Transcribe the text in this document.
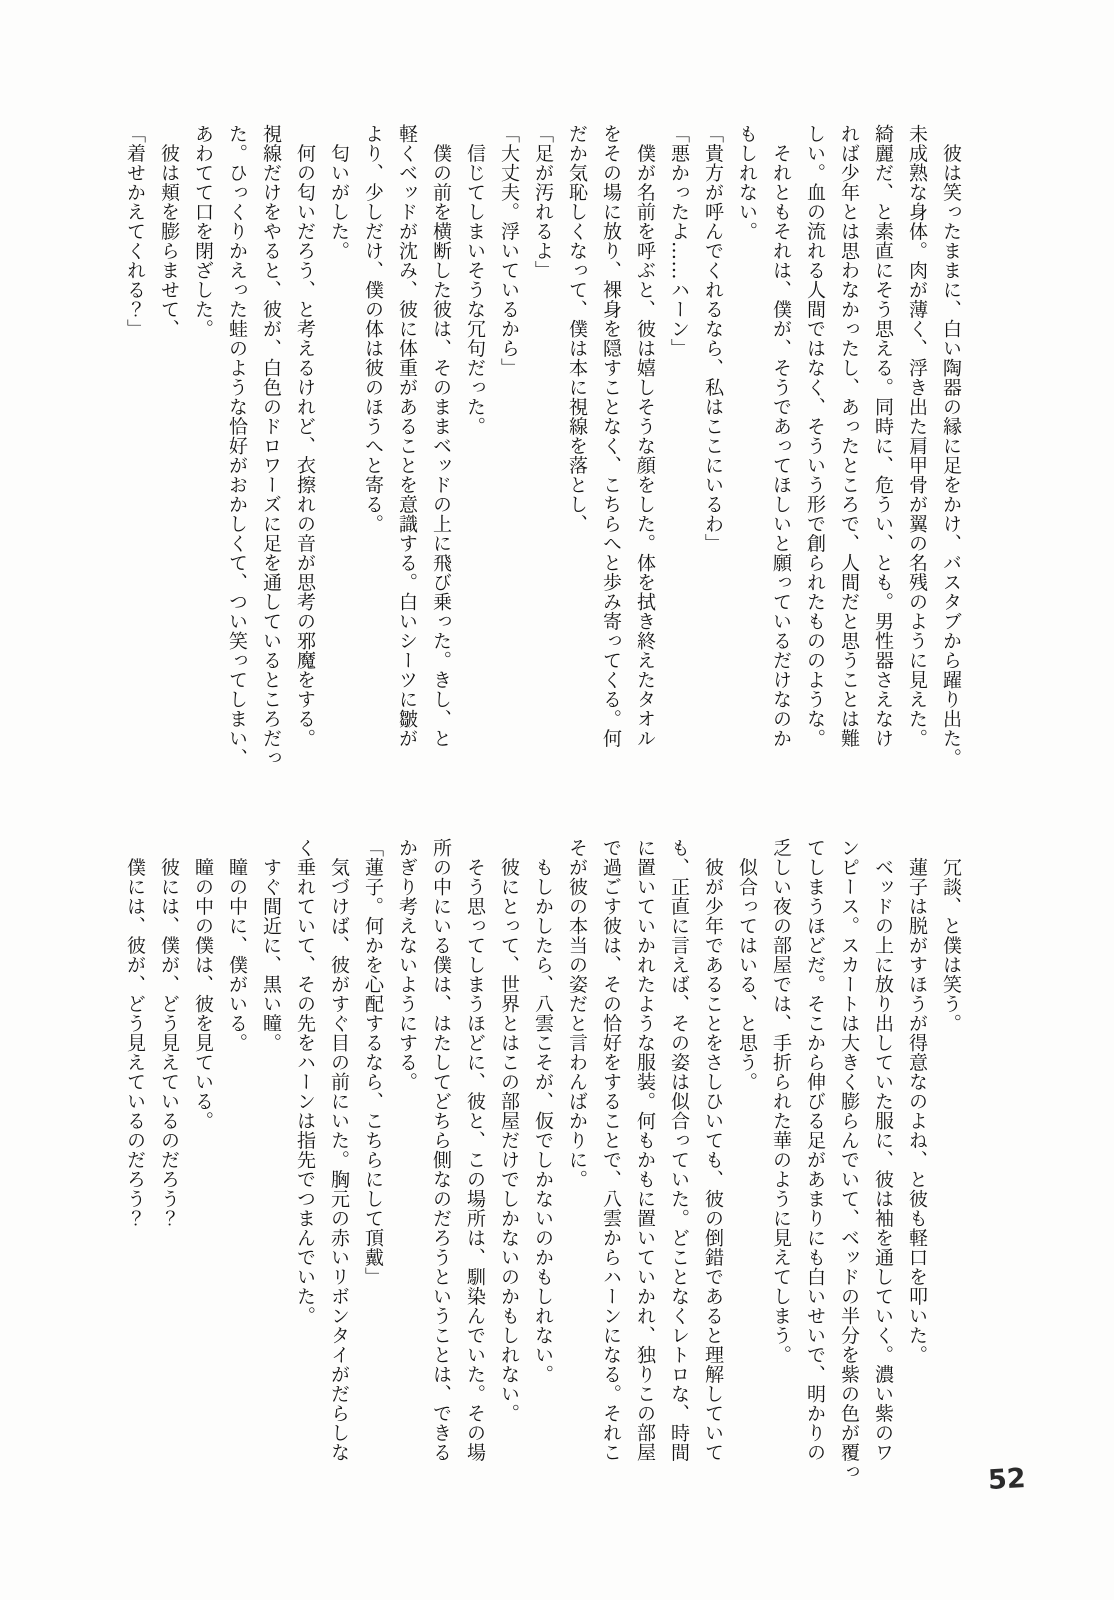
　彼は笑ったままに、白い陶器の縁に足をかけ、バスタブから躍り出た。

未成熟な身体。肉が薄く、浮き出た肩甲骨が翼の名残のように見えた。

綺麗だ、と素直にそう思える。同時に、危うい、とも。男性器さえなけ

れば少年とは思わなかったし、あったところで、人間だと思うことは難

しい。血の流れる人間ではなく、そういう形で創られたもののような。

　それともそれは、僕が、そうであってほしいと願っているだけなのか

もしれない。

「貴方が呼んでくれるなら、私はここにいるわ」

「悪かったよ……ハーン」

　僕が名前を呼ぶと、彼は嬉しそうな顔をした。体を拭き終えたタオル

をその場に放り、裸身を隠すことなく、こちらへと歩み寄ってくる。何

だか気恥しくなって、僕は本に視線を落とし、

「足が汚れるよ」

「大丈夫。浮いているから」

　信じてしまいそうな冗句だった。

　僕の前を横断した彼は、そのままベッドの上に飛び乗った。きし、と

軽くベッドが沈み、彼に体重があることを意識する。白いシーツに皺が

より、少しだけ、僕の体は彼のほうへと寄る。

　匂いがした。

　何の匂いだろう、と考えるけれど、衣擦れの音が思考の邪魔をする。

視線だけをやると、彼が、白色のドロワーズに足を通しているところだっ

た。ひっくりかえった蛙のような恰好がおかしくて、つい笑ってしまい、

あわてて口を閉ざした。

　彼は頬を膨らませて、

「着せかえてくれる？」

　冗談、と僕は笑う。

　蓮子は脱がすほうが得意なのよね、と彼も軽口を叩いた。

　ベッドの上に放り出していた服に、彼は袖を通していく。濃い紫のワ

ンピース。スカートは大きく膨らんでいて、ベッドの半分を紫の色が覆っ

てしまうほどだ。そこから伸びる足があまりにも白いせいで、明かりの

乏しい夜の部屋では、手折られた華のように見えてしまう。

　似合ってはいる、と思う。

　彼が少年であることをさしひいても、彼の倒錯であると理解していて

も、正直に言えば、その姿は似合っていた。どことなくレトロな、時間

に置いていかれたような服装。何もかもに置いていかれ、独りこの部屋

で過ごす彼は、その恰好をすることで、八雲からハーンになる。それこ

そが彼の本当の姿だと言わんばかりに。

　もしかしたら、八雲こそが、仮でしかないのかもしれない。

　彼にとって、世界とはこの部屋だけでしかないのかもしれない。

　そう思ってしまうほどに、彼と、この場所は、馴染んでいた。その場

所の中にいる僕は、はたしてどちら側なのだろうということは、できる

かぎり考えないようにする。

「蓮子。何かを心配するなら、こちらにして頂戴」

　気づけば、彼がすぐ目の前にいた。胸元の赤いリボンタイがだらしな

く垂れていて、その先をハーンは指先でつまんでいた。

　すぐ間近に、黒い瞳。

　瞳の中に、僕がいる。

　瞳の中の僕は、彼を見ている。

　彼には、僕が、どう見えているのだろう？

　僕には、彼が、どう見えているのだろう？

52
